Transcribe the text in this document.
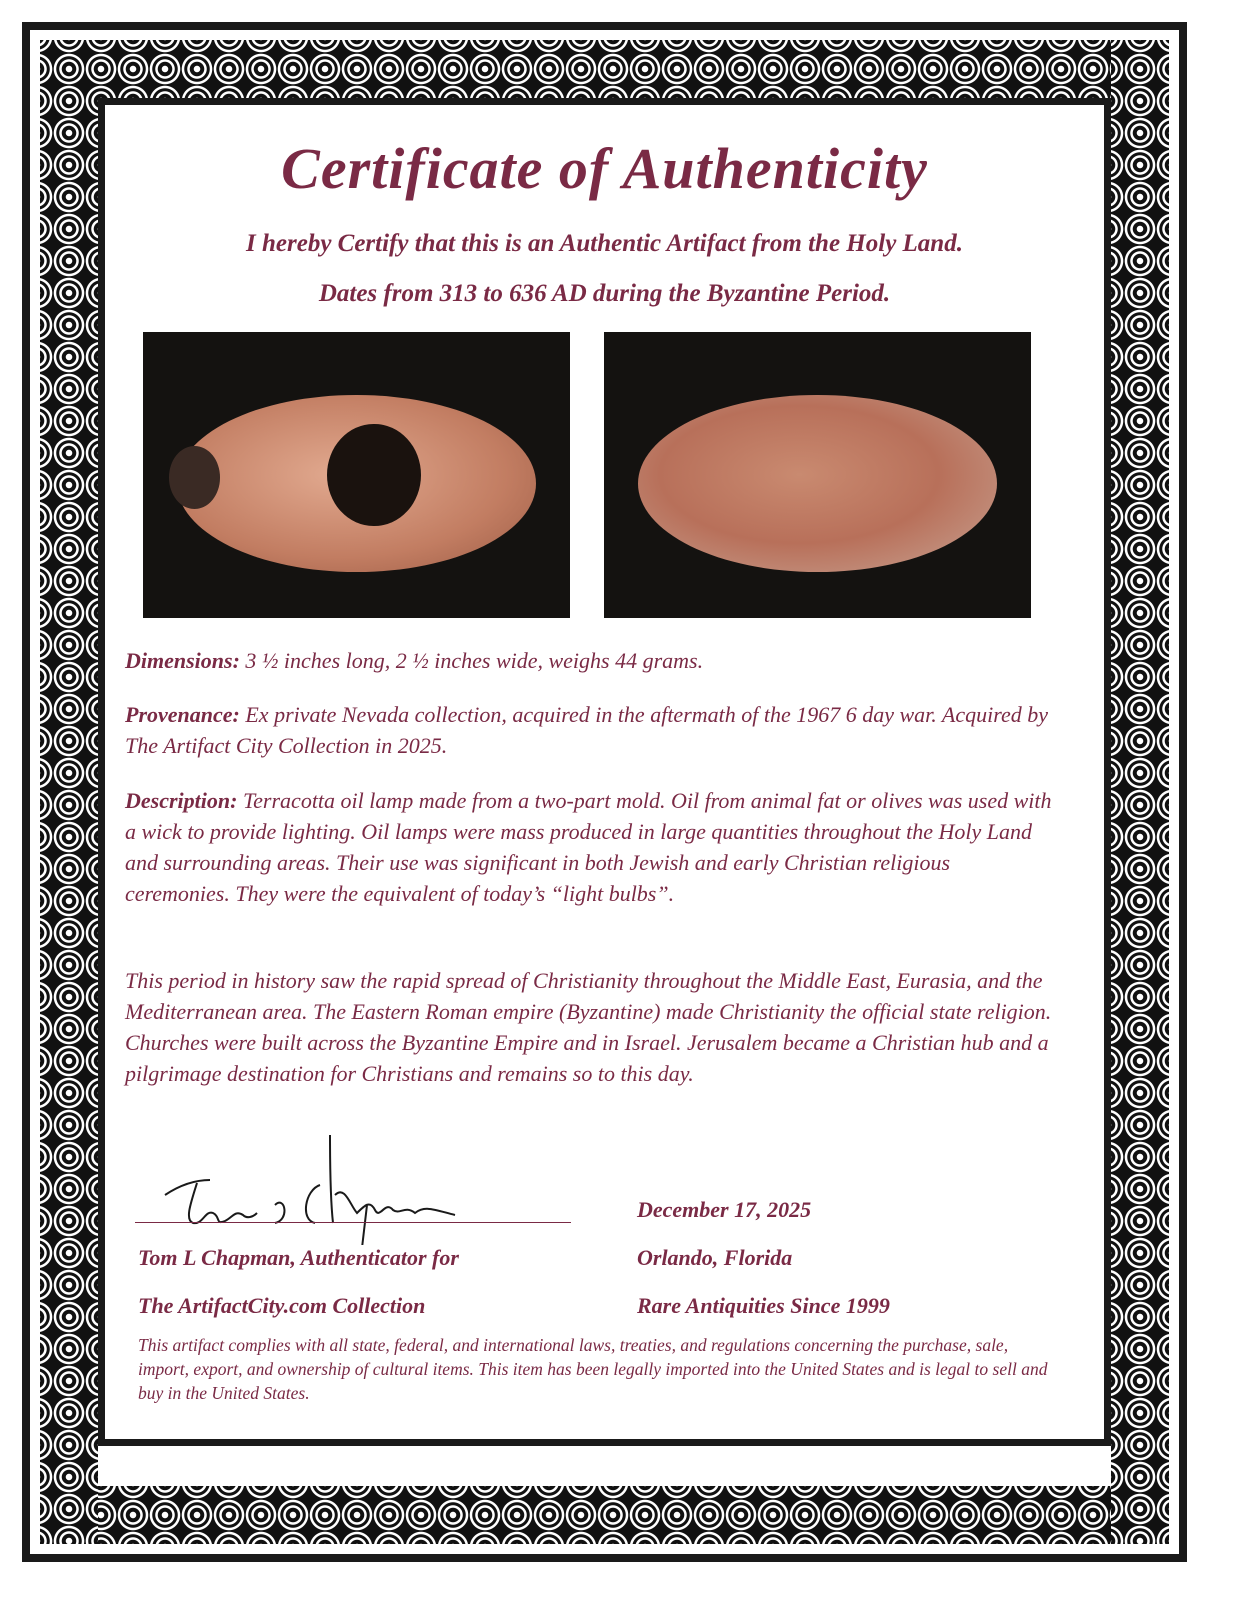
Certificate of Authenticity
I hereby Certify that this is an Authentic Artifact from the Holy Land.
Dates from 313 to 636 AD during the Byzantine Period.
Dimensions: 3 ½ inches long, 2 ½ inches wide, weighs 44 grams.
Provenance: Ex private Nevada collection, acquired in the aftermath of the 1967 6 day war. Acquired by The Artifact City Collection in 2025.
Description: Terracotta oil lamp made from a two-part mold. Oil from animal fat or olives was used with a wick to provide lighting. Oil lamps were mass produced in large quantities throughout the Holy Land and surrounding areas. Their use was significant in both Jewish and early Christian religious ceremonies. They were the equivalent of today’s “light bulbs”.
This period in history saw the rapid spread of Christianity throughout the Middle East, Eurasia, and the Mediterranean area. The Eastern Roman empire (Byzantine) made Christianity the official state religion. Churches were built across the Byzantine Empire and in Israel. Jerusalem became a Christian hub and a pilgrimage destination for Christians and remains so to this day.
Tom L Chapman, Authenticator for
The ArtifactCity.com Collection
December 17, 2025
Orlando, Florida
Rare Antiquities Since 1999
This artifact complies with all state, federal, and international laws, treaties, and regulations concerning the purchase, sale, import, export, and ownership of cultural items. This item has been legally imported into the United States and is legal to sell and buy in the United States.
